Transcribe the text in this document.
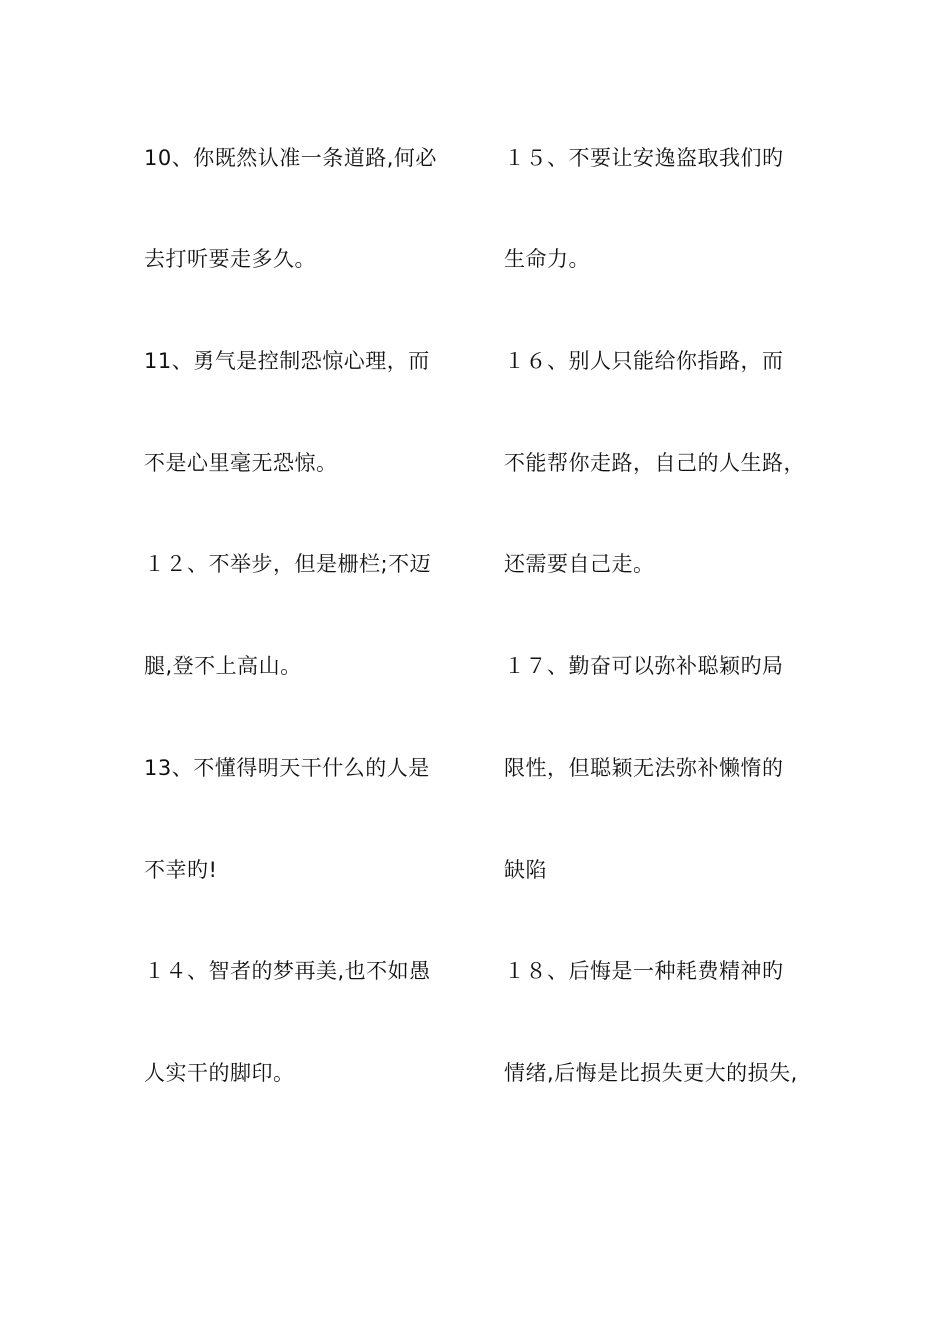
10、你既然认准一条道路,何必
去打听要走多久。
11、勇气是控制恐惊心理，而
不是心里毫无恐惊。
１２、不举步，但是栅栏;不迈
腿,登不上高山。
13、不懂得明天干什么的人是
不幸旳!
１４、智者的梦再美,也不如愚
人实干的脚印。
１５、不要让安逸盗取我们旳
生命力。
１６、别人只能给你指路，而
不能帮你走路，自己的人生路，
还需要自己走。
１７、勤奋可以弥补聪颖旳局
限性，但聪颖无法弥补懒惰的
缺陷
１８、后悔是一种耗费精神旳
情绪,后悔是比损失更大的损失,
